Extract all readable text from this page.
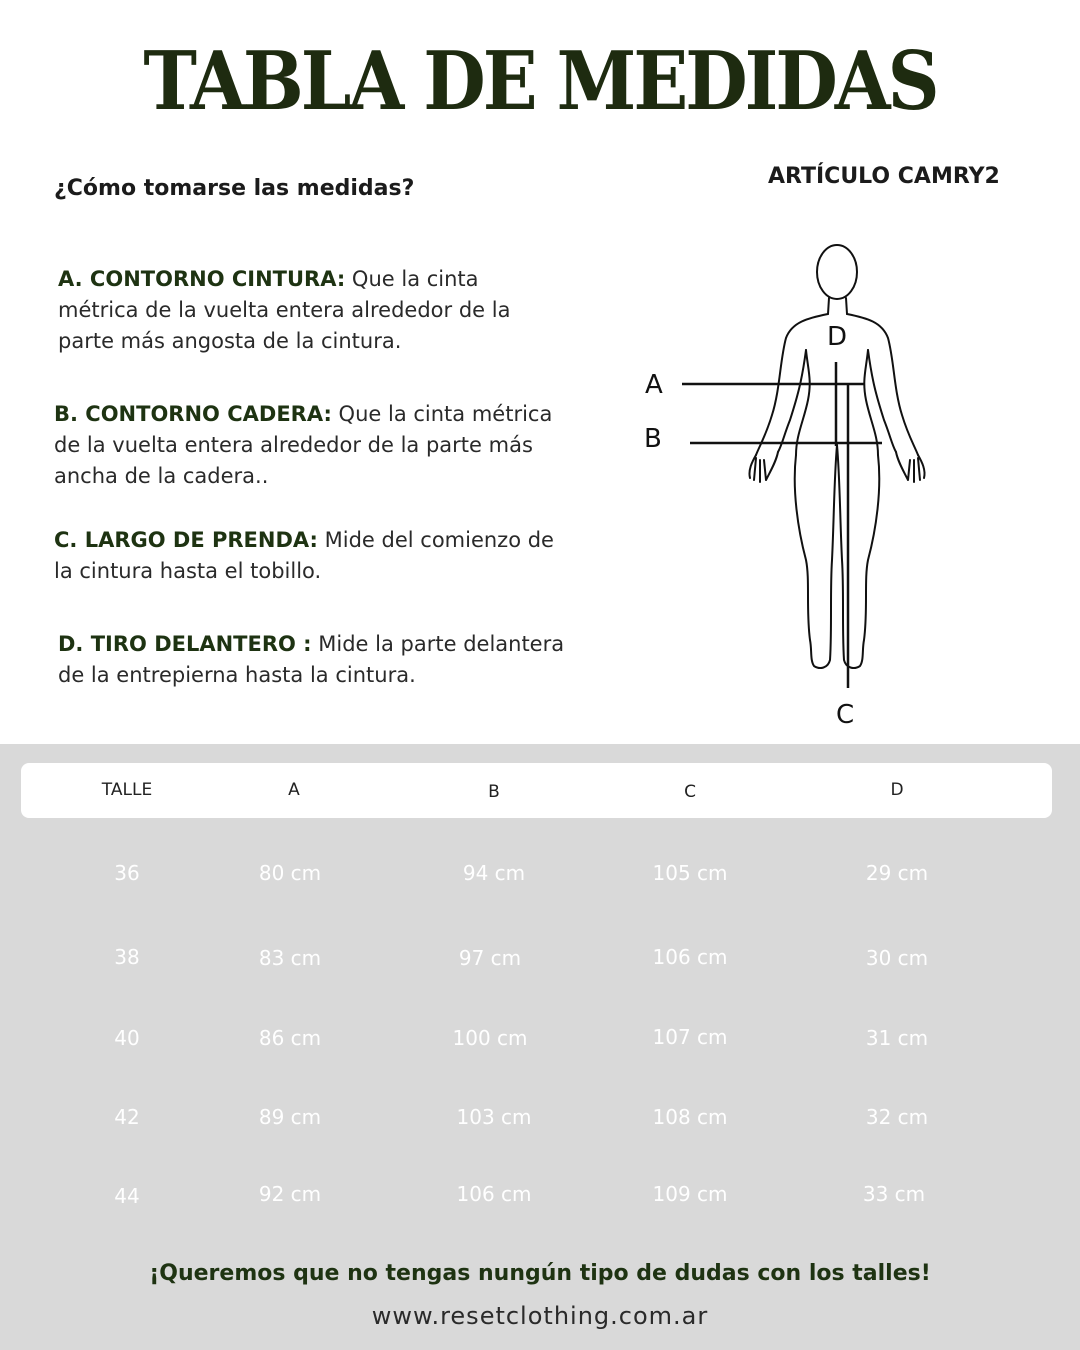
TABLA DE MEDIDAS
¿Cómo tomarse las medidas?	ARTÍCULO CAMRY2
A. CONTORNO CINTURA: Que la cinta métrica de la vuelta entera alrededor de la parte más angosta de la cintura.
B. CONTORNO CADERA: Que la cinta métrica de la vuelta entera alrededor de la parte más ancha de la cadera..
C. LARGO DE PRENDA: Mide del comienzo de la cintura hasta el tobillo.
D. TIRO DELANTERO : Mide la parte delantera de la entrepierna hasta la cintura.
D
A
B
C
TALLE	A	B	C	D
36	80 cm	94 cm	105 cm	29 cm
38	83 cm	97 cm	106 cm	30 cm
40	86 cm	100 cm	107 cm	31 cm
42	89 cm	103 cm	108 cm	32 cm
44	92 cm	106 cm	109 cm	33 cm
¡Queremos que no tengas nungún tipo de dudas con los talles!
www.resetclothing.com.ar
